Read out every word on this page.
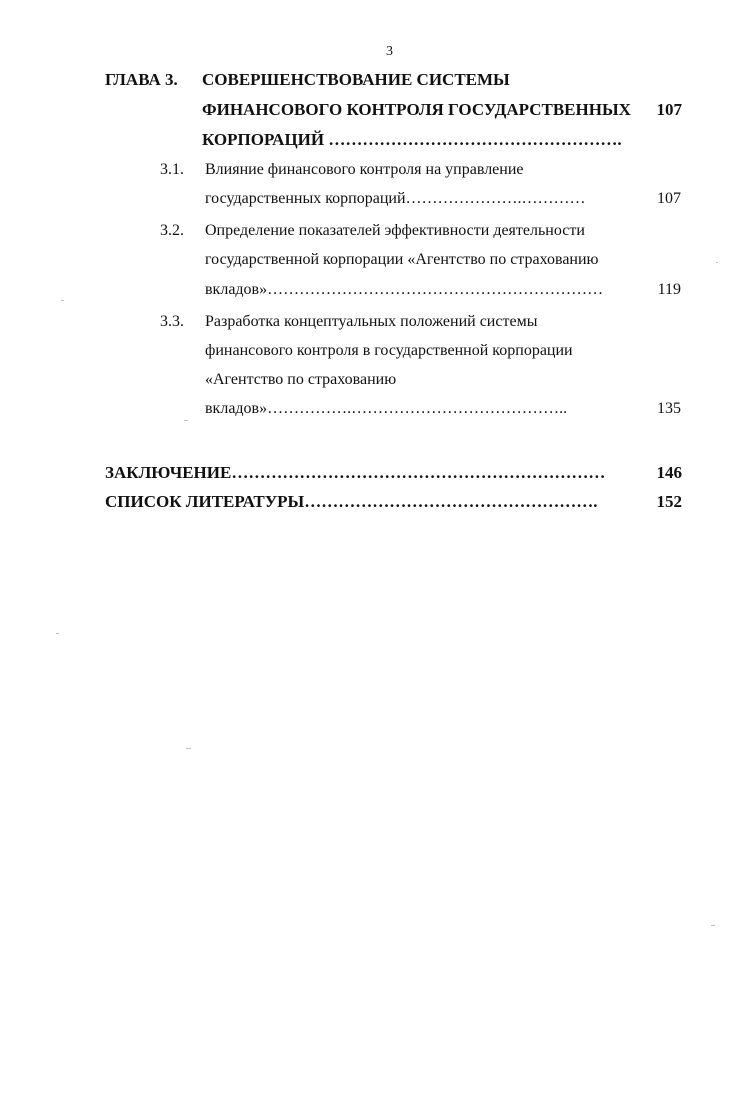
3
ГЛАВА 3. СОВЕРШЕНСТВОВАНИЕ СИСТЕМЫ
ФИНАНСОВОГО КОНТРОЛЯ ГОСУДАРСТВЕННЫХ
КОРПОРАЦИЙ …………………………………………….
107
3.1. Влияние финансового контроля на управление
государственных корпораций………………….…………	107
3.2. Определение показателей эффективности деятельности
государственной корпорации «Агентство по страхованию
вкладов»………………………………………………………	119
3.3. Разработка концептуальных положений системы
финансового контроля в государственной корпорации
«Агентство по страхованию
вкладов»…………….…………………………………..	135
ЗАКЛЮЧЕНИЕ…………………………………………………………	146
СПИСОК ЛИТЕРАТУРЫ…………………………………………….	152
